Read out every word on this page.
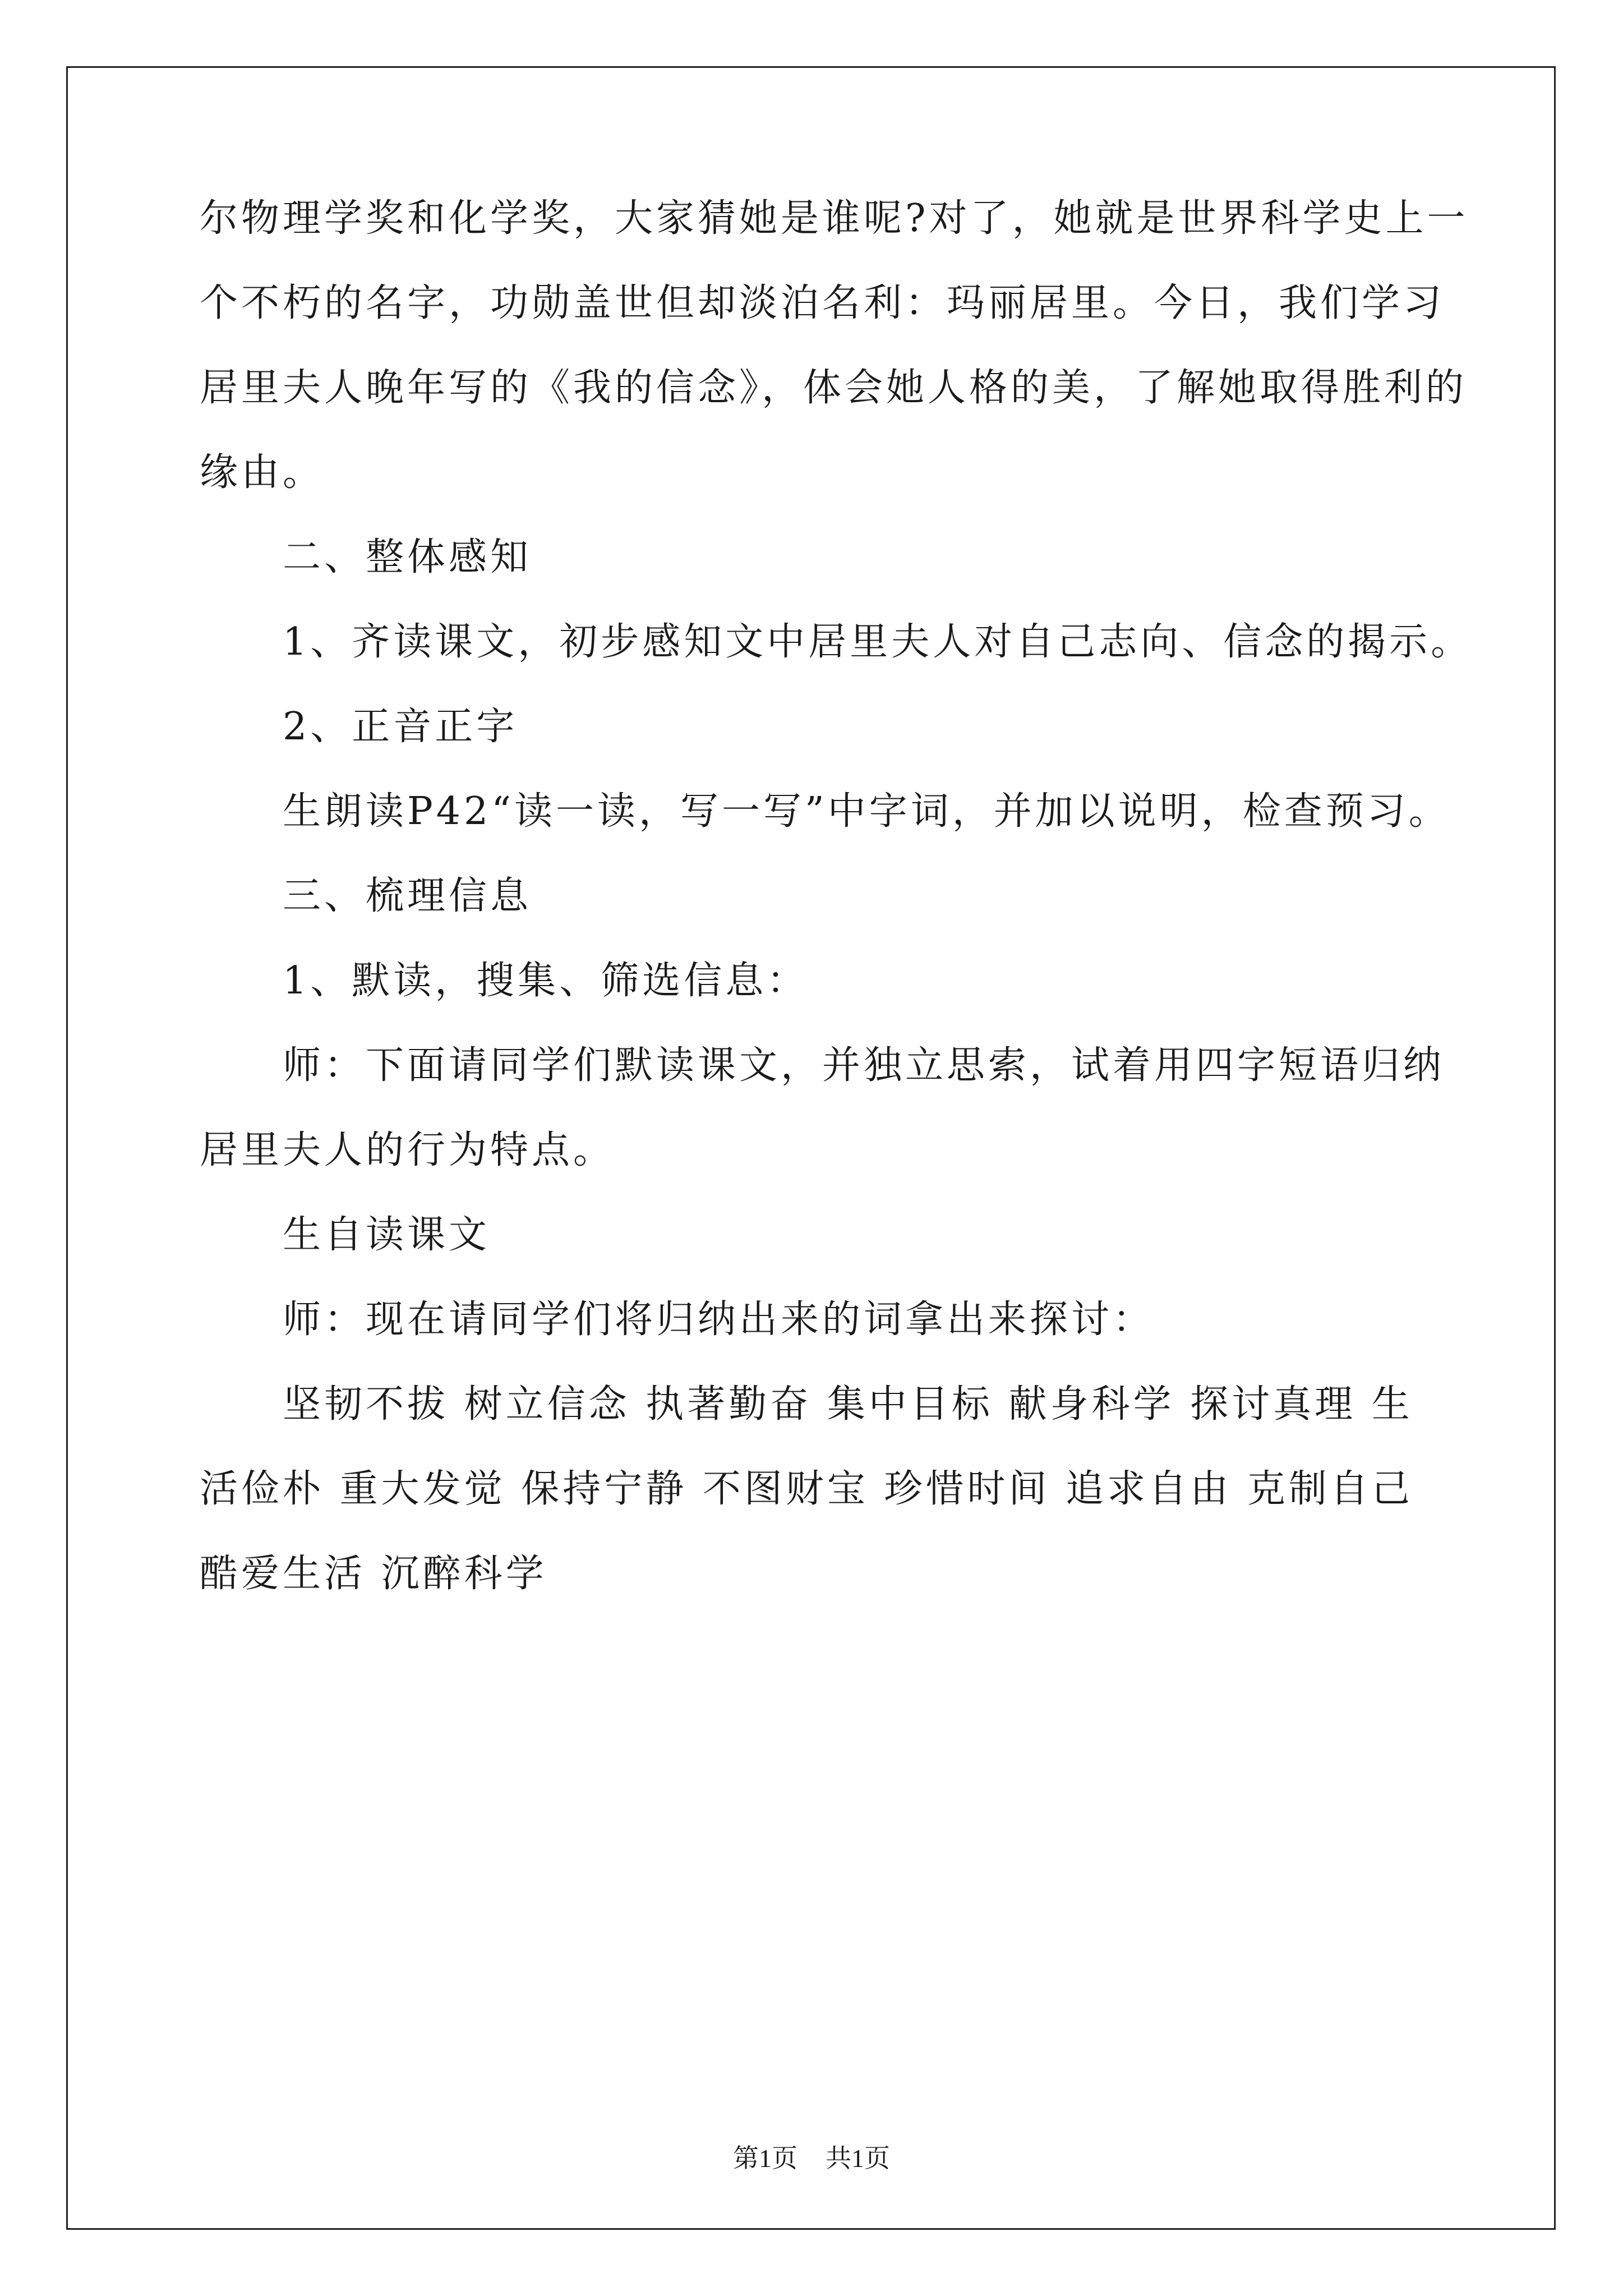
尔物理学奖和化学奖，大家猜她是谁呢?对了，她就是世界科学史上一
个不朽的名字，功勋盖世但却淡泊名利：玛丽居里。今日，我们学习
居里夫人晚年写的《我的信念》，体会她人格的美，了解她取得胜利的
缘由。
二、整体感知
1、齐读课文，初步感知文中居里夫人对自己志向、信念的揭示。
2、正音正字
生朗读P42“读一读，写一写”中字词，并加以说明，检查预习。
三、梳理信息
1、默读，搜集、筛选信息：
师：下面请同学们默读课文，并独立思索，试着用四字短语归纳
居里夫人的行为特点。
生自读课文
师：现在请同学们将归纳出来的词拿出来探讨：
坚韧不拔 树立信念 执著勤奋 集中目标 献身科学 探讨真理 生
活俭朴 重大发觉 保持宁静 不图财宝 珍惜时间 追求自由 克制自己
酷爱生活 沉醉科学
第1页 共1页
